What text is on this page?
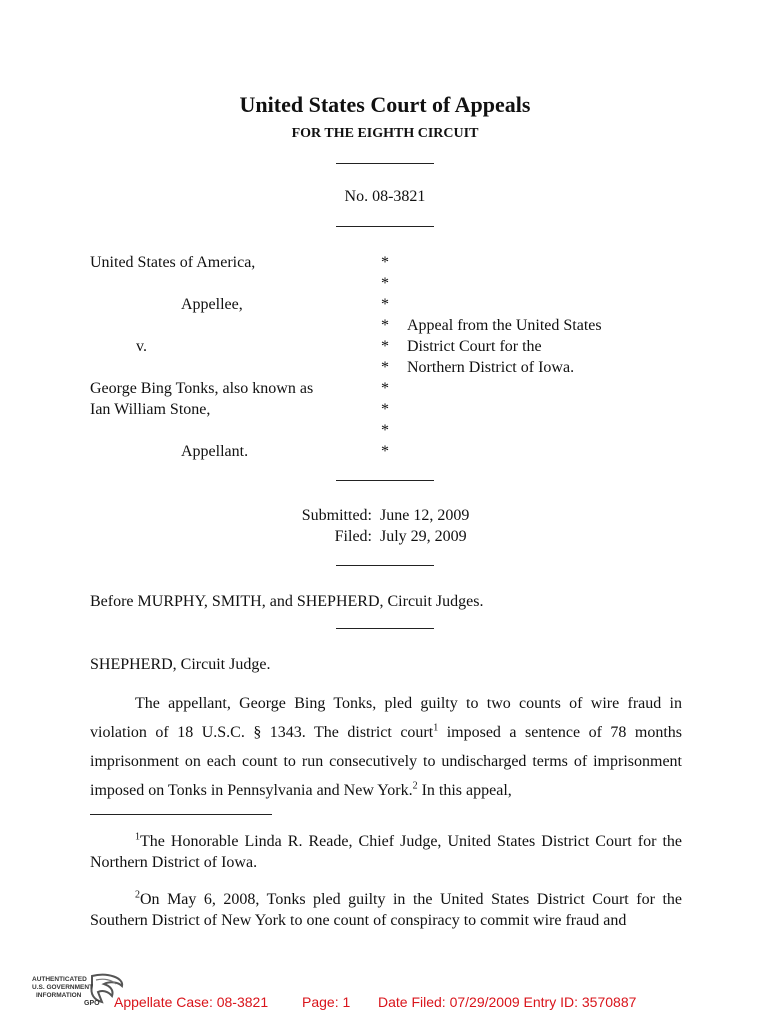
United States Court of Appeals
FOR THE EIGHTH CIRCUIT
No. 08-3821
United States of America,
Appellee,
v.
George Bing Tonks, also known as
Ian William Stone,
Appellant.
*
*
*
*
*
*
*
*
*
*
Appeal from the United States
District Court for the
Northern District of Iowa.
Submitted: June 12, 2009
Filed: July 29, 2009
Before MURPHY, SMITH, and SHEPHERD, Circuit Judges.
SHEPHERD, Circuit Judge.
The appellant, George Bing Tonks, pled guilty to two counts of wire fraud in violation of 18 U.S.C. § 1343. The district court$^1$ imposed a sentence of 78 months imprisonment on each count to run consecutively to undischarged terms of imprisonment imposed on Tonks in Pennsylvania and New York.$^2$ In this appeal,
$^1$The Honorable Linda R. Reade, Chief Judge, United States District Court for the Northern District of Iowa.
$^2$On May 6, 2008, Tonks pled guilty in the United States District Court for the Southern District of New York to one count of conspiracy to commit wire fraud and
AUTHENTICATED
U.S. GOVERNMENT
INFORMATION
GPO Appellate Case: 08-3821 Page: 1 Date Filed: 07/29/2009 Entry ID: 3570887
